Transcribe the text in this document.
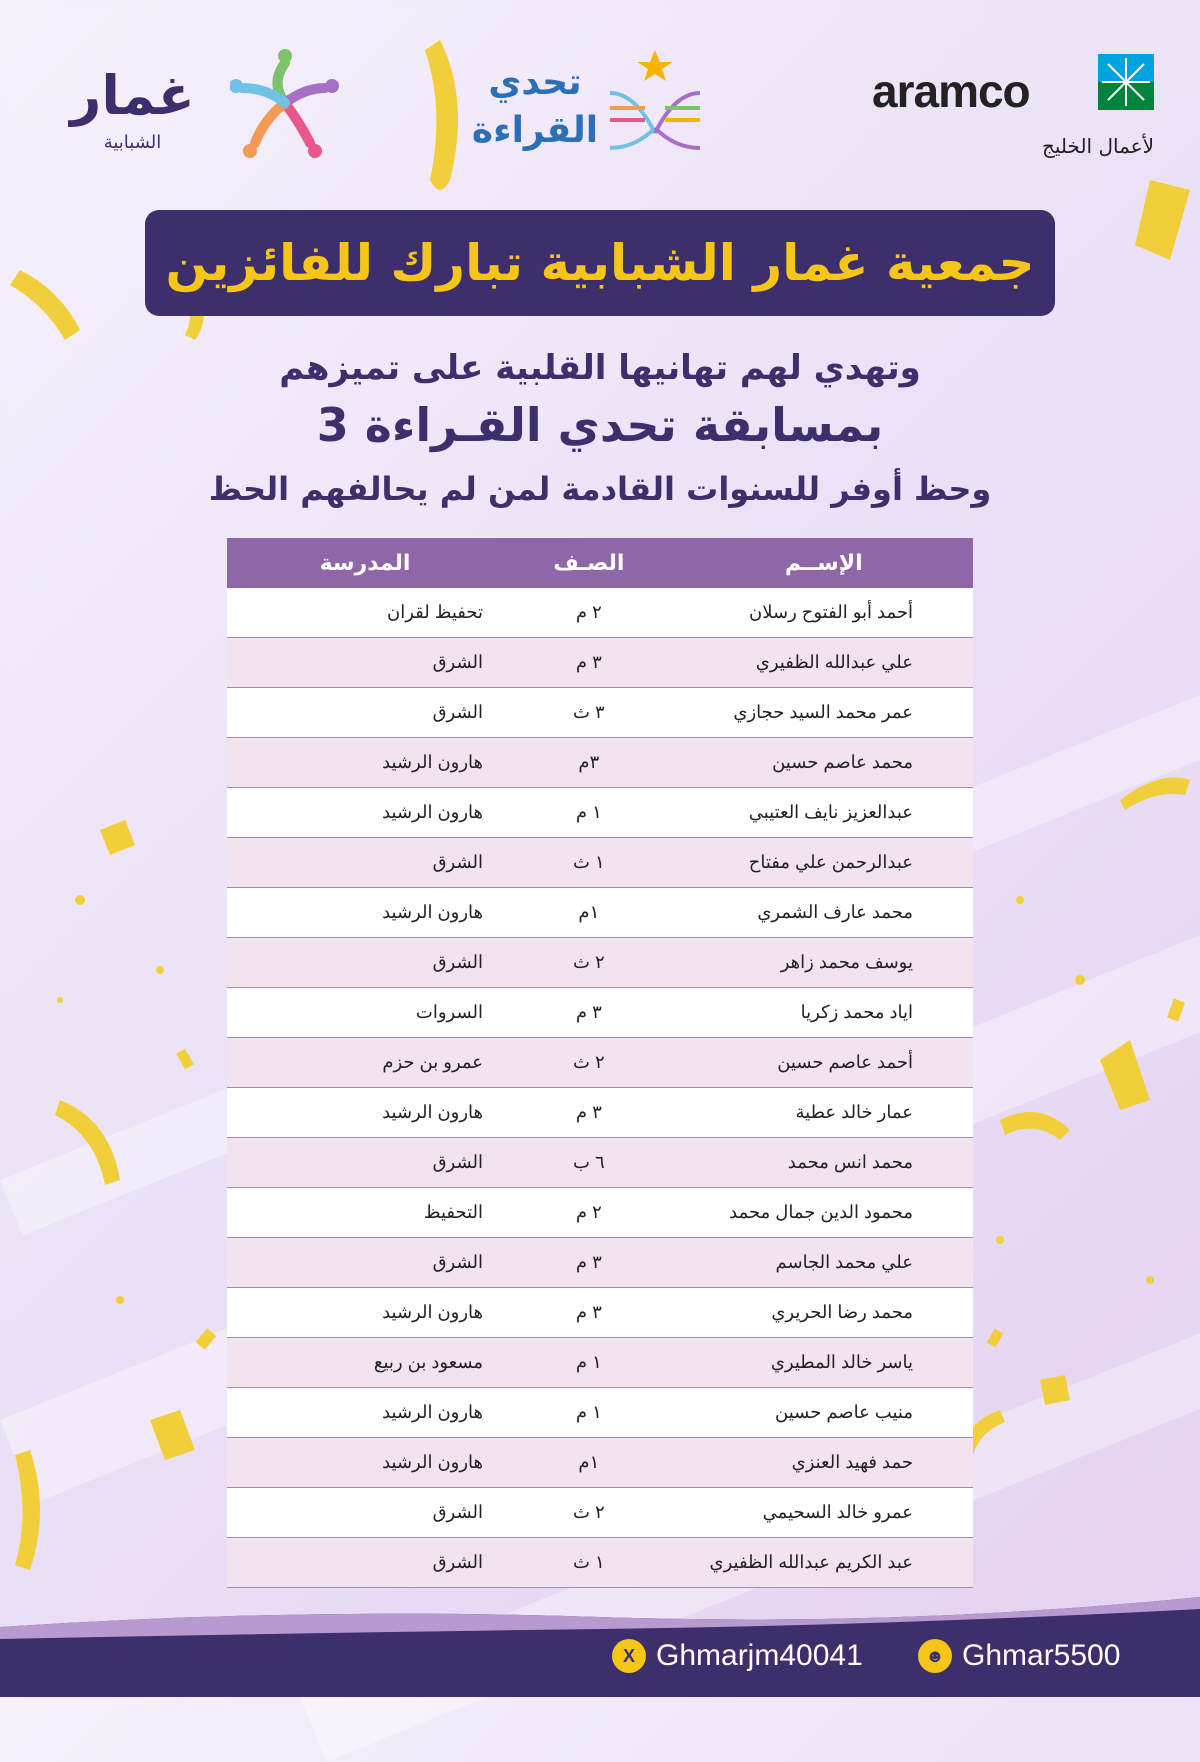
aramco
لأعمال الخليج
تحدي
القراءة
غمار
الشبابية
جمعية غمار الشبابية تبارك للفائزين
وتهدي لهم تهانيها القلبية على تميزهم
بمسابقة تحدي القـراءة 3
وحظ أوفر للسنوات القادمة لمن لم يحالفهم الحظ
الإســم	الصـف	المدرسة
أحمد أبو الفتوح رسلان	٢ م	تحفيظ لقران
علي عبدالله الظفيري	٣ م	الشرق
عمر محمد السيد حجازي	٣ ث	الشرق
محمد عاصم حسين	٣م	هارون الرشيد
عبدالعزيز نايف العتيبي	١ م	هارون الرشيد
عبدالرحمن علي مفتاح	١ ث	الشرق
محمد عارف الشمري	١م	هارون الرشيد
يوسف محمد زاهر	٢ ث	الشرق
اياد محمد زكريا	٣ م	السروات
أحمد عاصم حسين	٢ ث	عمرو بن حزم
عمار خالد عطية	٣ م	هارون الرشيد
محمد انس محمد	٦ ب	الشرق
محمود الدين جمال محمد	٢ م	التحفيظ
علي محمد الجاسم	٣ م	الشرق
محمد رضا الحريري	٣ م	هارون الرشيد
ياسر خالد المطيري	١ م	مسعود بن ربيع
منيب عاصم حسين	١ م	هارون الرشيد
حمد فهيد العنزي	١م	هارون الرشيد
عمرو خالد السحيمي	٢ ث	الشرق
عبد الكريم عبدالله الظفيري	١ ث	الشرق
X Ghmarjm40041	☻ Ghmar5500
